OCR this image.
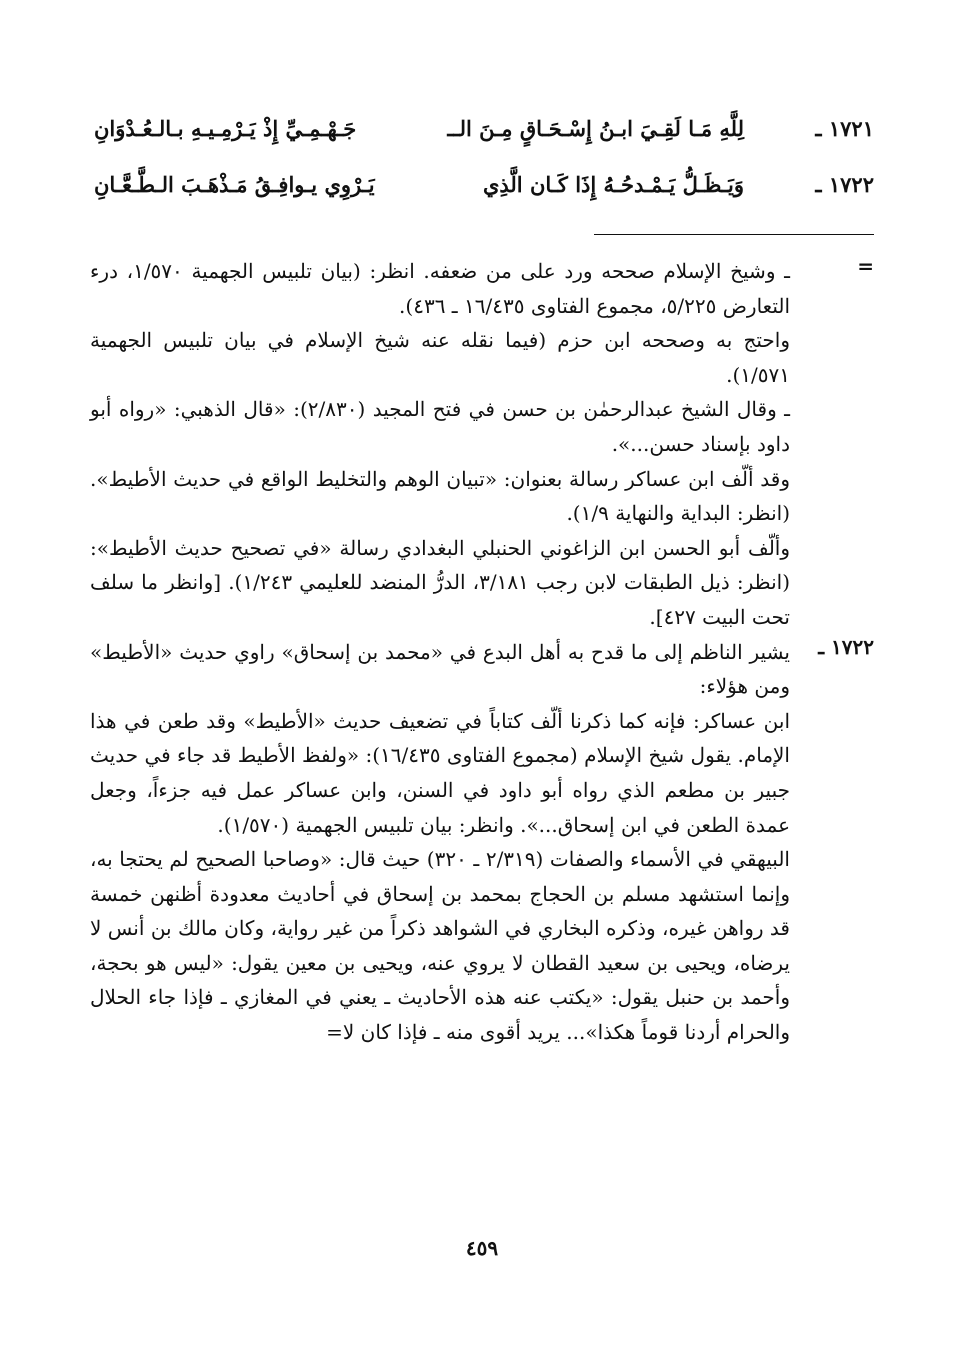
١٧٢١ ـ
لِلَّهِ مَـا لَقِـيَ ابـنُ إِسْـحَـاقٍ مِـنَ الــ
جَـهْـمِـيِّ إِذْ يَـرْمِـيـهِ بـالـعُـدْوَانِ
١٧٢٢ ـ
وَيَـظَـلُّ يَـمْـدحُـهُ إِذَا كَـان الَّذِي
يَـرْوِي يـوافِـقُ مَـذْهَـبَ الـطَّـعَّـانِ
=

ـ وشيخ الإسلام صححه ورد على من ضعفه. انظر: (بيان تلبيس الجهمية ١/٥٧٠، درء التعارض ٥/٢٢٥، مجموع الفتاوى ١٦/٤٣٥ ـ ٤٣٦).

واحتج به وصححه ابن حزم (فيما نقله عنه شيخ الإسلام في بيان تلبيس الجهمية ١/٥٧١).

ـ وقال الشيخ عبدالرحمٰن بن حسن في فتح المجيد (٢/٨٣٠): «قال الذهبي: «رواه أبو داود بإسناد حسن...».

وقد ألّف ابن عساكر رسالة بعنوان: «تبيان الوهم والتخليط الواقع في حديث الأطيط». (انظر: البداية والنهاية ١/٩).

وألّف أبو الحسن ابن الزاغوني الحنبلي البغدادي رسالة «في تصحيح حديث الأطيط»: (انظر: ذيل الطبقات لابن رجب ٣/١٨١، الدرُّ المنضد للعليمي ١/٢٤٣). [وانظر ما سلف تحت البيت ٤٢٧].

١٧٢٢ ـ

يشير الناظم إلى ما قدح به أهل البدع في «محمد بن إسحاق» راوي حديث «الأطيط» ومن هؤلاء:

ابن عساكر: فإنه كما ذكرنا ألّف كتاباً في تضعيف حديث «الأطيط» وقد طعن في هذا الإمام. يقول شيخ الإسلام (مجموع الفتاوى ١٦/٤٣٥): «ولفظ الأطيط قد جاء في حديث جبير بن مطعم الذي رواه أبو داود في السنن، وابن عساكر عمل فيه جزءاً، وجعل عمدة الطعن في ابن إسحاق...». وانظر: بيان تلبيس الجهمية (١/٥٧٠).

البيهقي في الأسماء والصفات (٢/٣١٩ ـ ٣٢٠) حيث قال: «وصاحبا الصحيح لم يحتجا به، وإنما استشهد مسلم بن الحجاج بمحمد بن إسحاق في أحاديث معدودة أظنهن خمسة قد رواهن غيره، وذكره البخاري في الشواهد ذكراً من غير رواية، وكان مالك بن أنس لا يرضاه، ويحيى بن سعيد القطان لا يروي عنه، ويحيى بن معين يقول: «ليس هو بحجة، وأحمد بن حنبل يقول: «يكتب عنه هذه الأحاديث ـ يعني في المغازي ـ فإذا جاء الحلال والحرام أردنا قوماً هكذا»... يريد أقوى منه ـ فإذا كان لا=

٤٥٩
